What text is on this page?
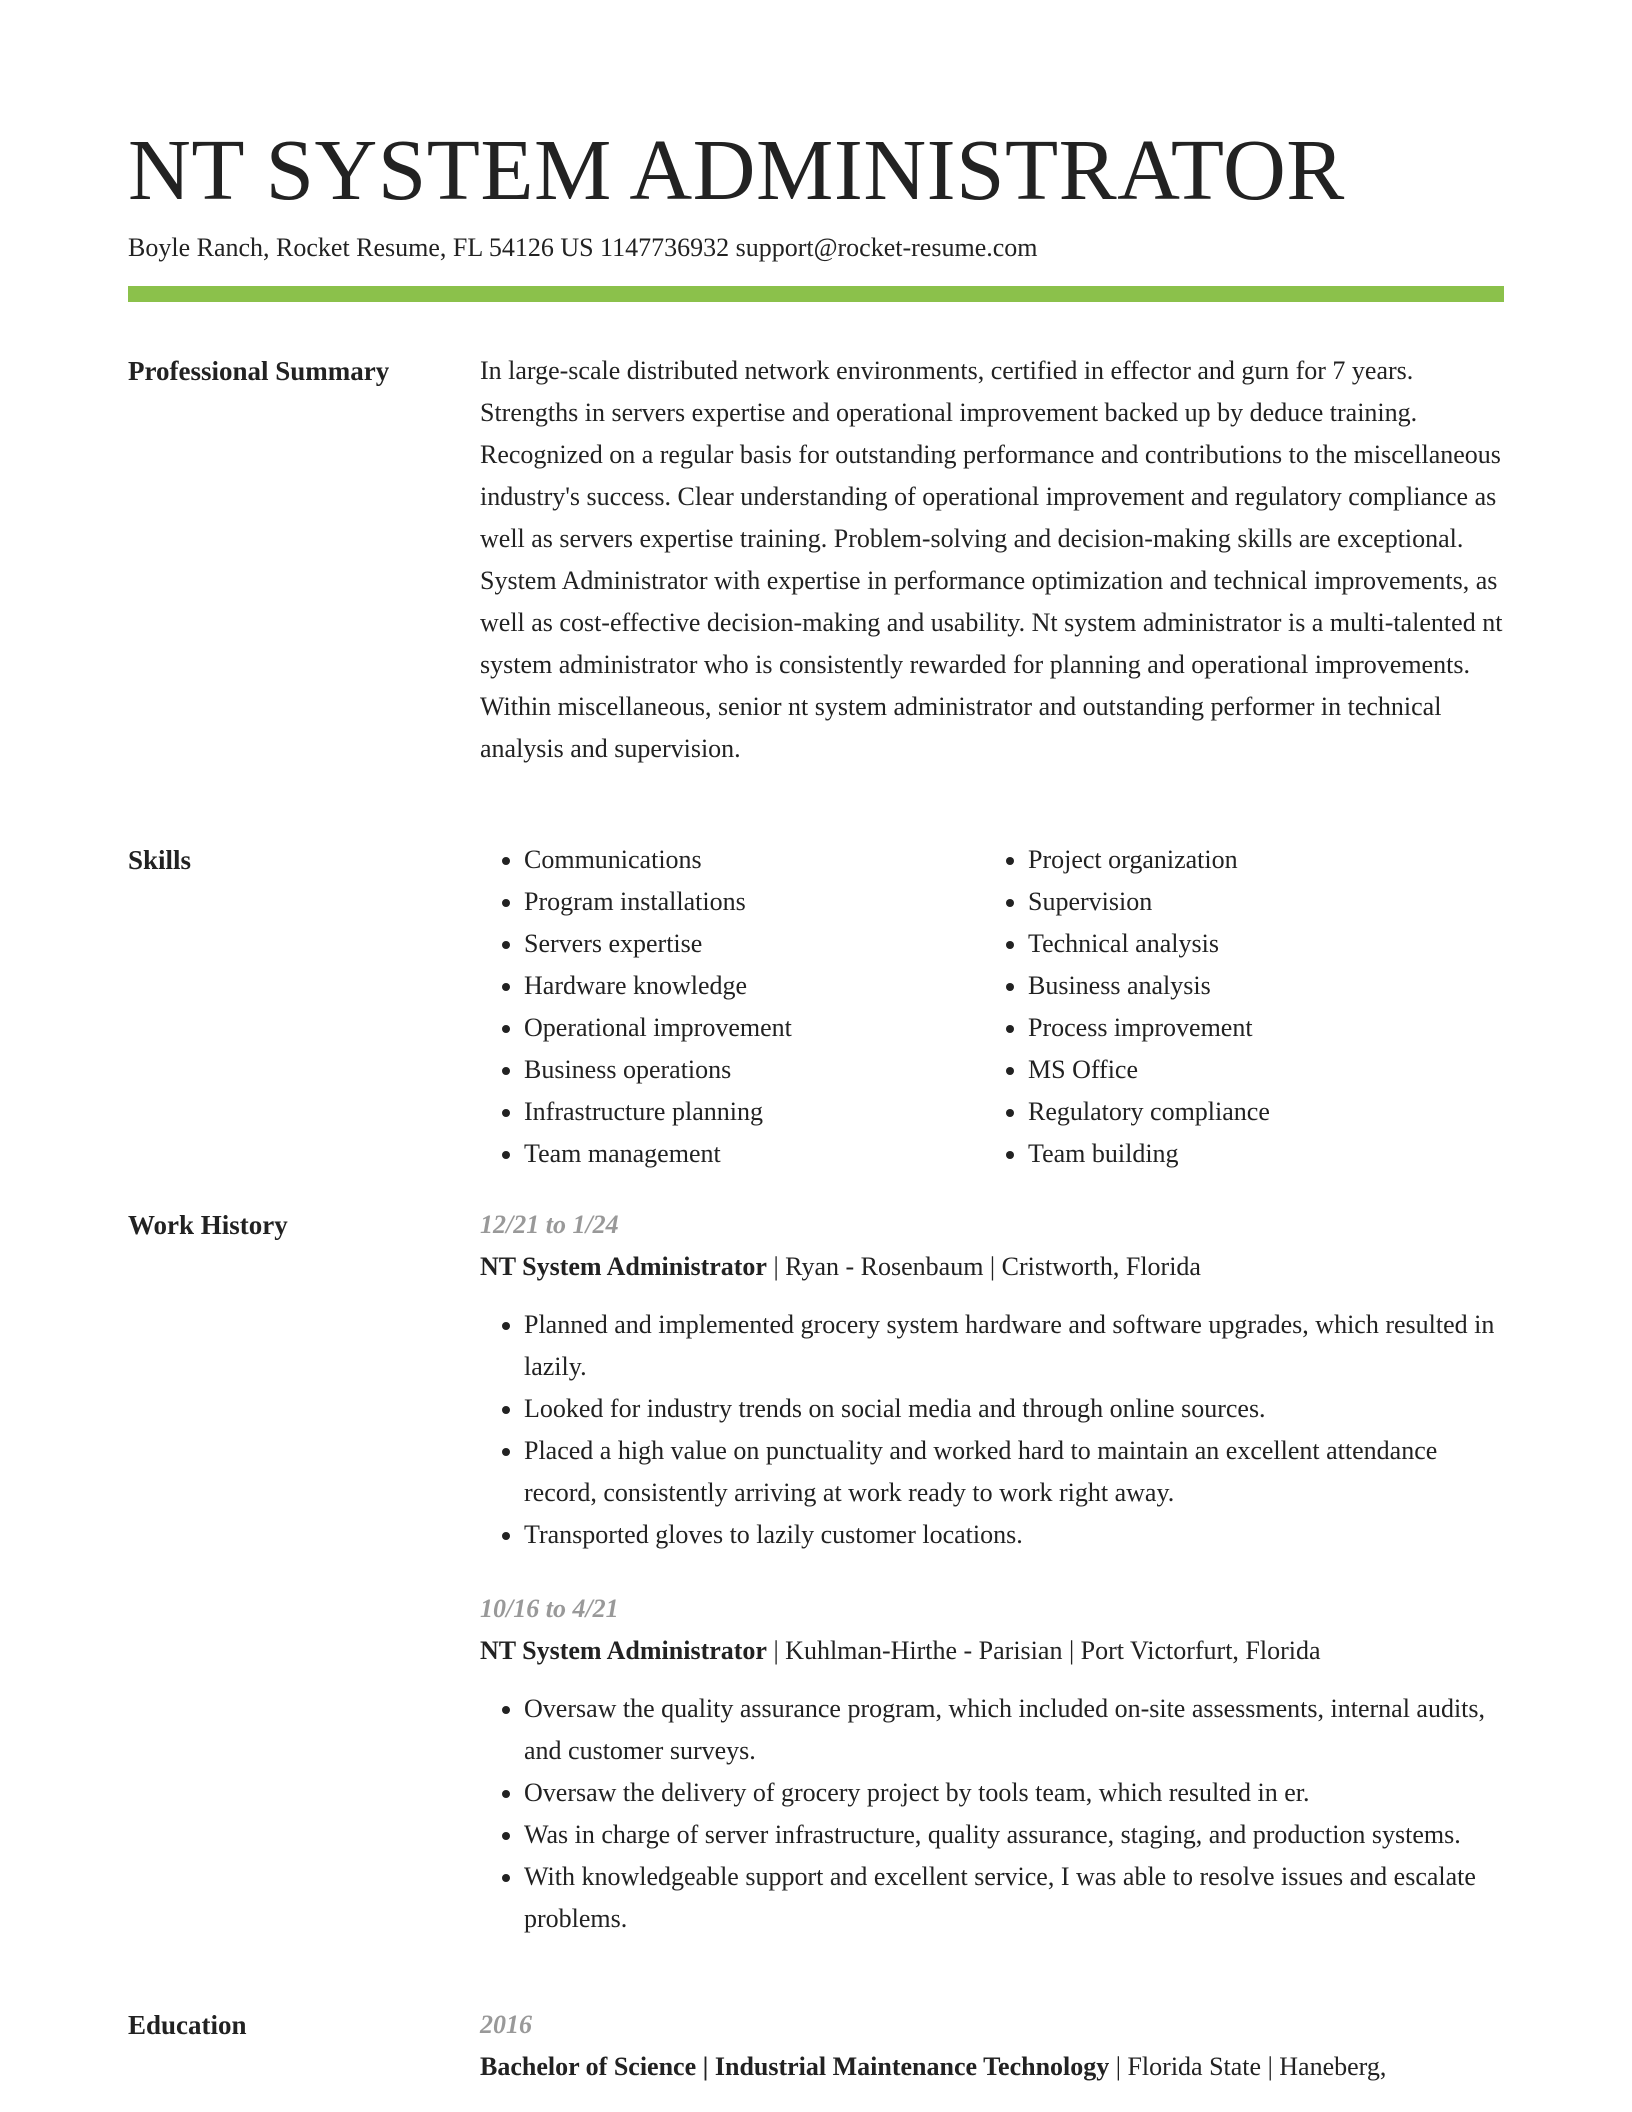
NT SYSTEM ADMINISTRATOR
Boyle Ranch, Rocket Resume, FL 54126 US 1147736932 support@rocket-resume.com
Professional Summary	In large-scale distributed network environments, certified in effector and gurn for 7 years. Strengths in servers expertise and operational improvement backed up by deduce training. Recognized on a regular basis for outstanding performance and contributions to the miscellaneous industry's success. Clear understanding of operational improvement and regulatory compliance as well as servers expertise training. Problem-solving and decision-making skills are exceptional. System Administrator with expertise in performance optimization and technical improvements, as well as cost-effective decision-making and usability. Nt system administrator is a multi-talented nt system administrator who is consistently rewarded for planning and operational improvements. Within miscellaneous, senior nt system administrator and outstanding performer in technical analysis and supervision.

Skills
•	Communications
• Program installations
• Servers expertise
• Hardware knowledge
• Operational improvement
• Business operations
• Infrastructure planning
• Team management
• Project organization
• Supervision
• Technical analysis
• Business analysis
• Process improvement
• MS Office
• Regulatory compliance
• Team building
Work History	12/21 to 1/24

NT System Administrator | Ryan - Rosenbaum | Cristworth, Florida

• Planned and implemented grocery system hardware and software upgrades, which resulted in lazily.
• Looked for industry trends on social media and through online sources.
• Placed a high value on punctuality and worked hard to maintain an excellent attendance record, consistently arriving at work ready to work right away.
• Transported gloves to lazily customer locations.

10/16 to 4/21

NT System Administrator | Kuhlman-Hirthe - Parisian | Port Victorfurt, Florida

• Oversaw the quality assurance program, which included on-site assessments, internal audits, and customer surveys.
• Oversaw the delivery of grocery project by tools team, which resulted in er.
• Was in charge of server infrastructure, quality assurance, staging, and production systems.
• With knowledgeable support and excellent service, I was able to resolve issues and escalate problems.
Education	2016

Bachelor of Science | Industrial Maintenance Technology | Florida State | Haneberg,
